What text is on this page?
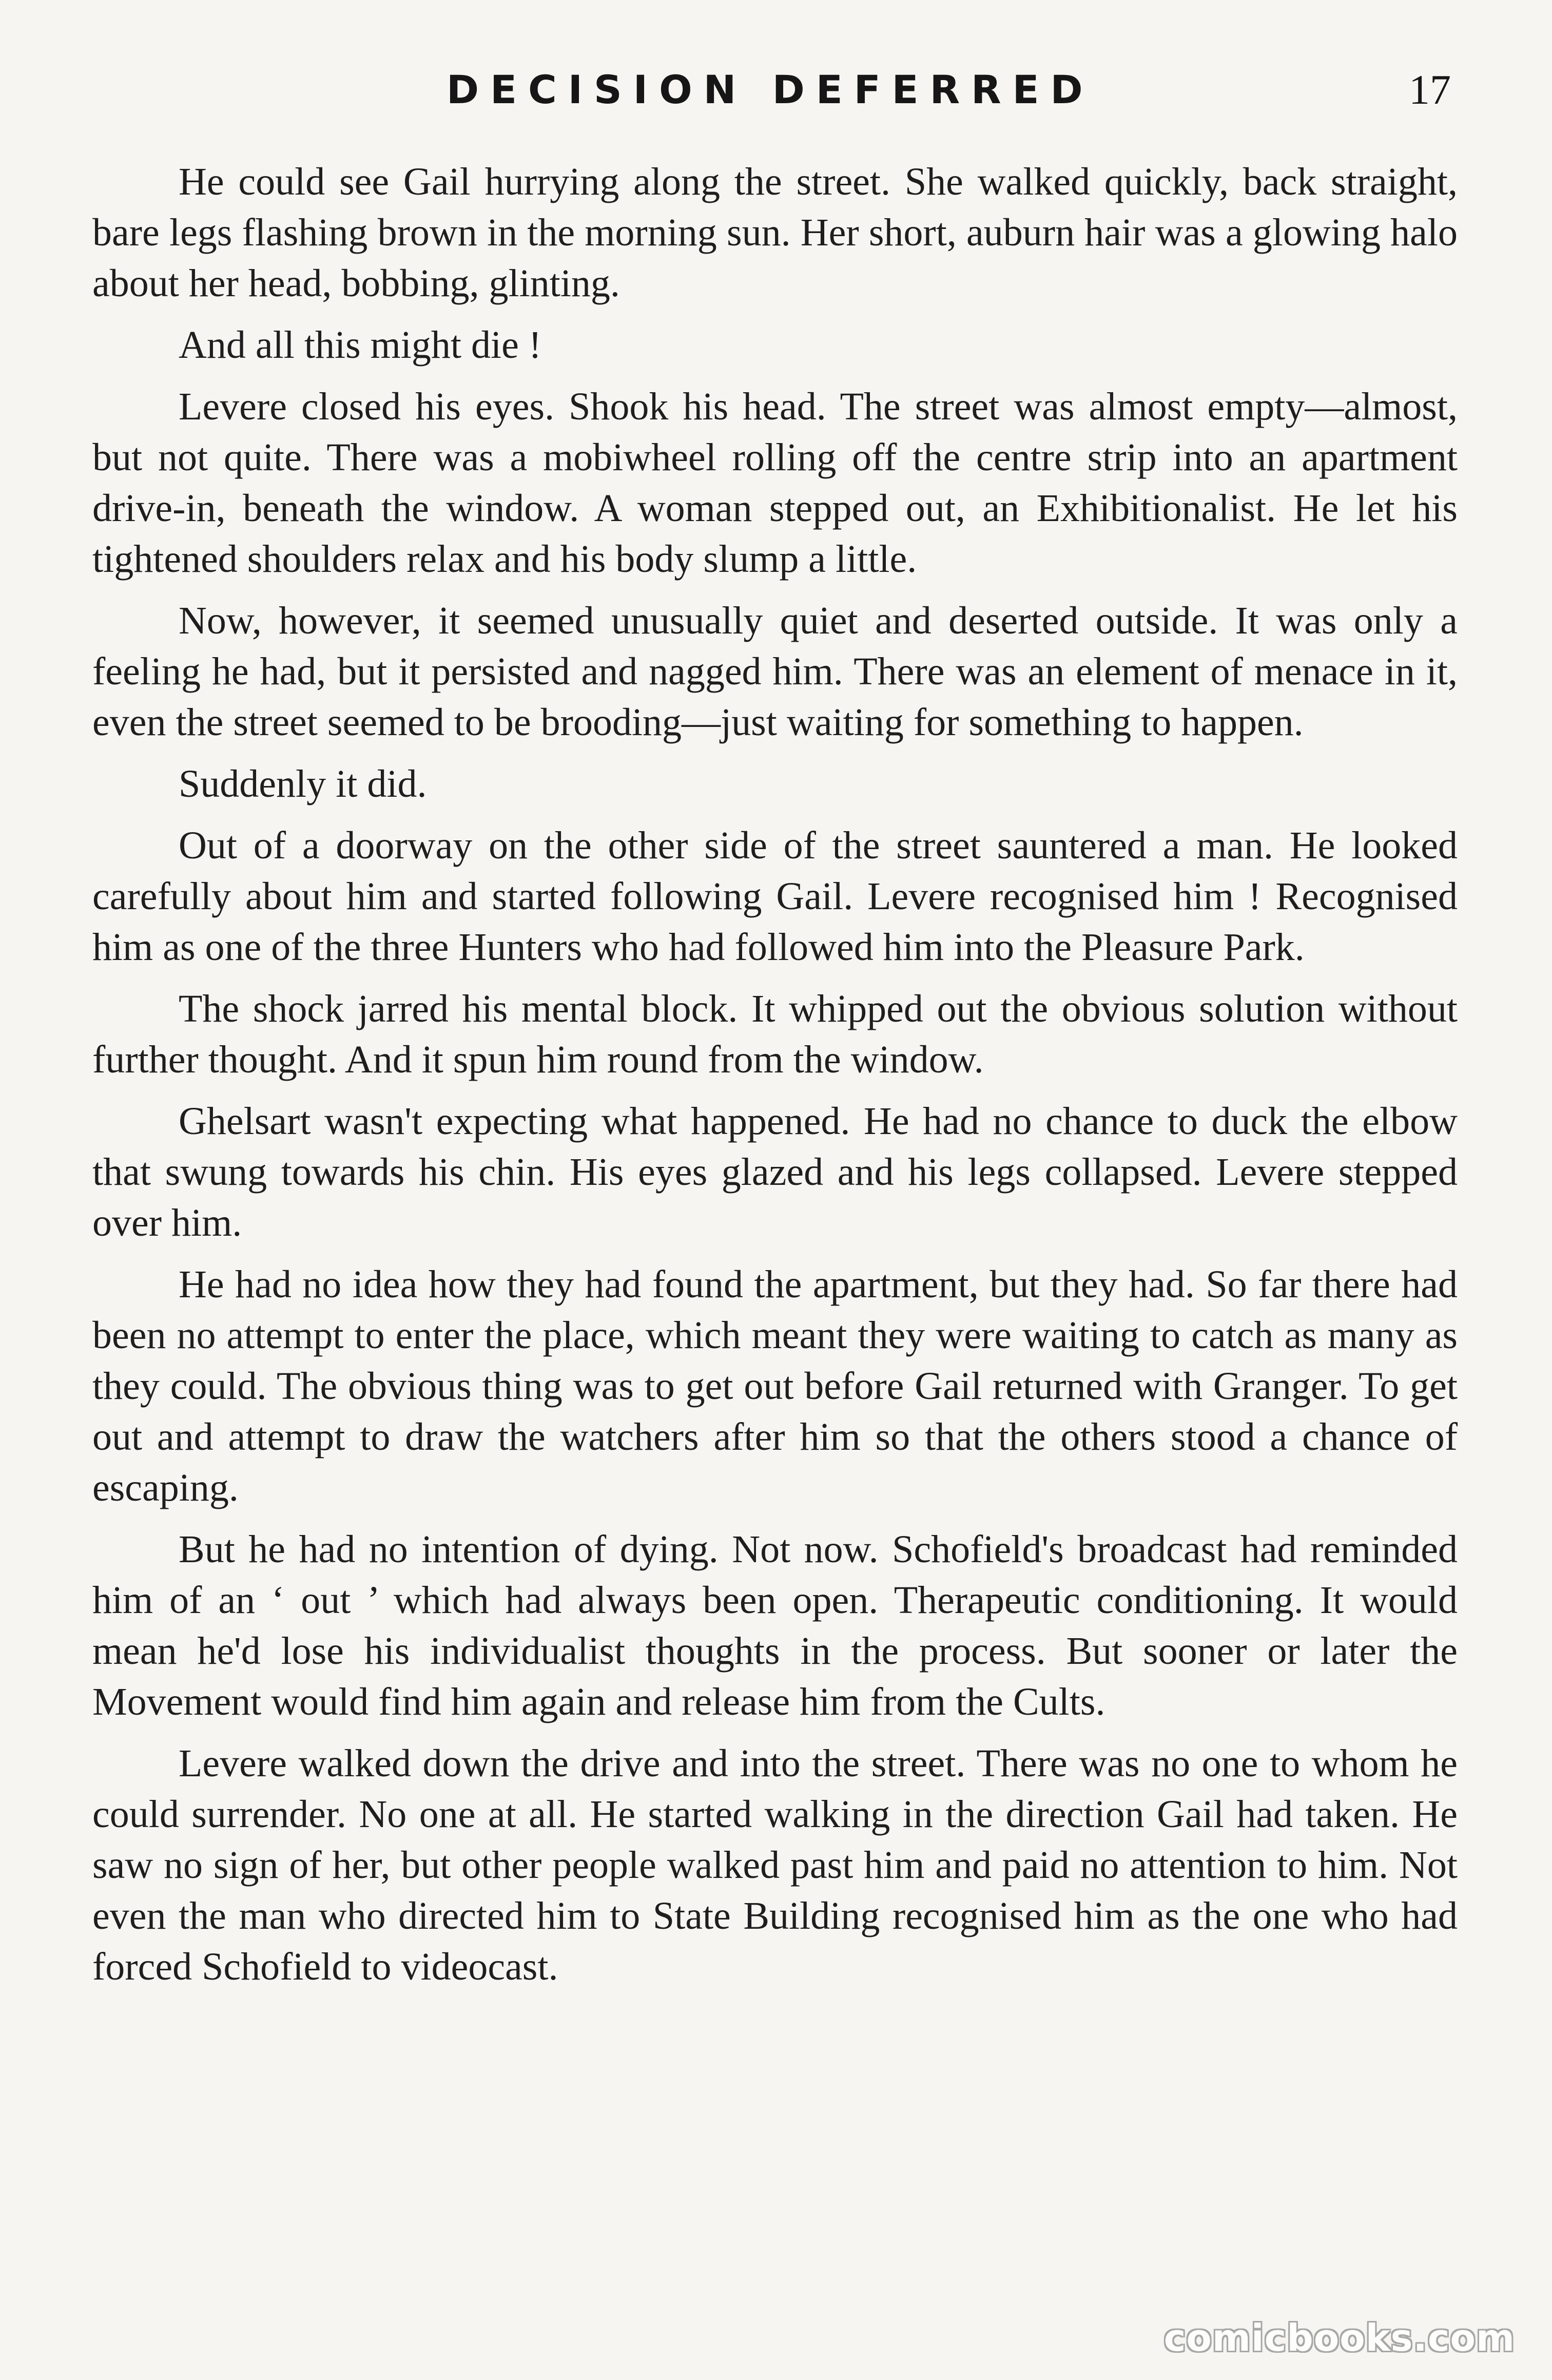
DECISION DEFERRED	17

He could see Gail hurrying along the street. She walked quickly, back straight, bare legs flashing brown in the morning sun. Her short, auburn hair was a glowing halo about her head, bobbing, glinting.

And all this might die !

Levere closed his eyes. Shook his head. The street was almost empty—almost, but not quite. There was a mobiwheel rolling off the centre strip into an apartment drive-in, beneath the window. A woman stepped out, an Exhibitionalist. He let his tightened shoulders relax and his body slump a little.

Now, however, it seemed unusually quiet and deserted outside. It was only a feeling he had, but it persisted and nagged him. There was an element of menace in it, even the street seemed to be brooding—just waiting for something to happen.

Suddenly it did.

Out of a doorway on the other side of the street sauntered a man. He looked carefully about him and started following Gail. Levere recognised him ! Recognised him as one of the three Hunters who had followed him into the Pleasure Park.

The shock jarred his mental block. It whipped out the obvious solution without further thought. And it spun him round from the window.

Ghelsart wasn't expecting what happened. He had no chance to duck the elbow that swung towards his chin. His eyes glazed and his legs collapsed. Levere stepped over him.

He had no idea how they had found the apartment, but they had. So far there had been no attempt to enter the place, which meant they were waiting to catch as many as they could. The obvious thing was to get out before Gail returned with Granger. To get out and attempt to draw the watchers after him so that the others stood a chance of escaping.

But he had no intention of dying. Not now. Schofield's broadcast had reminded him of an ‘ out ’ which had always been open. Therapeutic conditioning. It would mean he'd lose his individualist thoughts in the process. But sooner or later the Movement would find him again and release him from the Cults.

Levere walked down the drive and into the street. There was no one to whom he could surrender. No one at all. He started walking in the direction Gail had taken. He saw no sign of her, but other people walked past him and paid no attention to him. Not even the man who directed him to State Building recognised him as the one who had forced Schofield to videocast.

comicbooks.com
